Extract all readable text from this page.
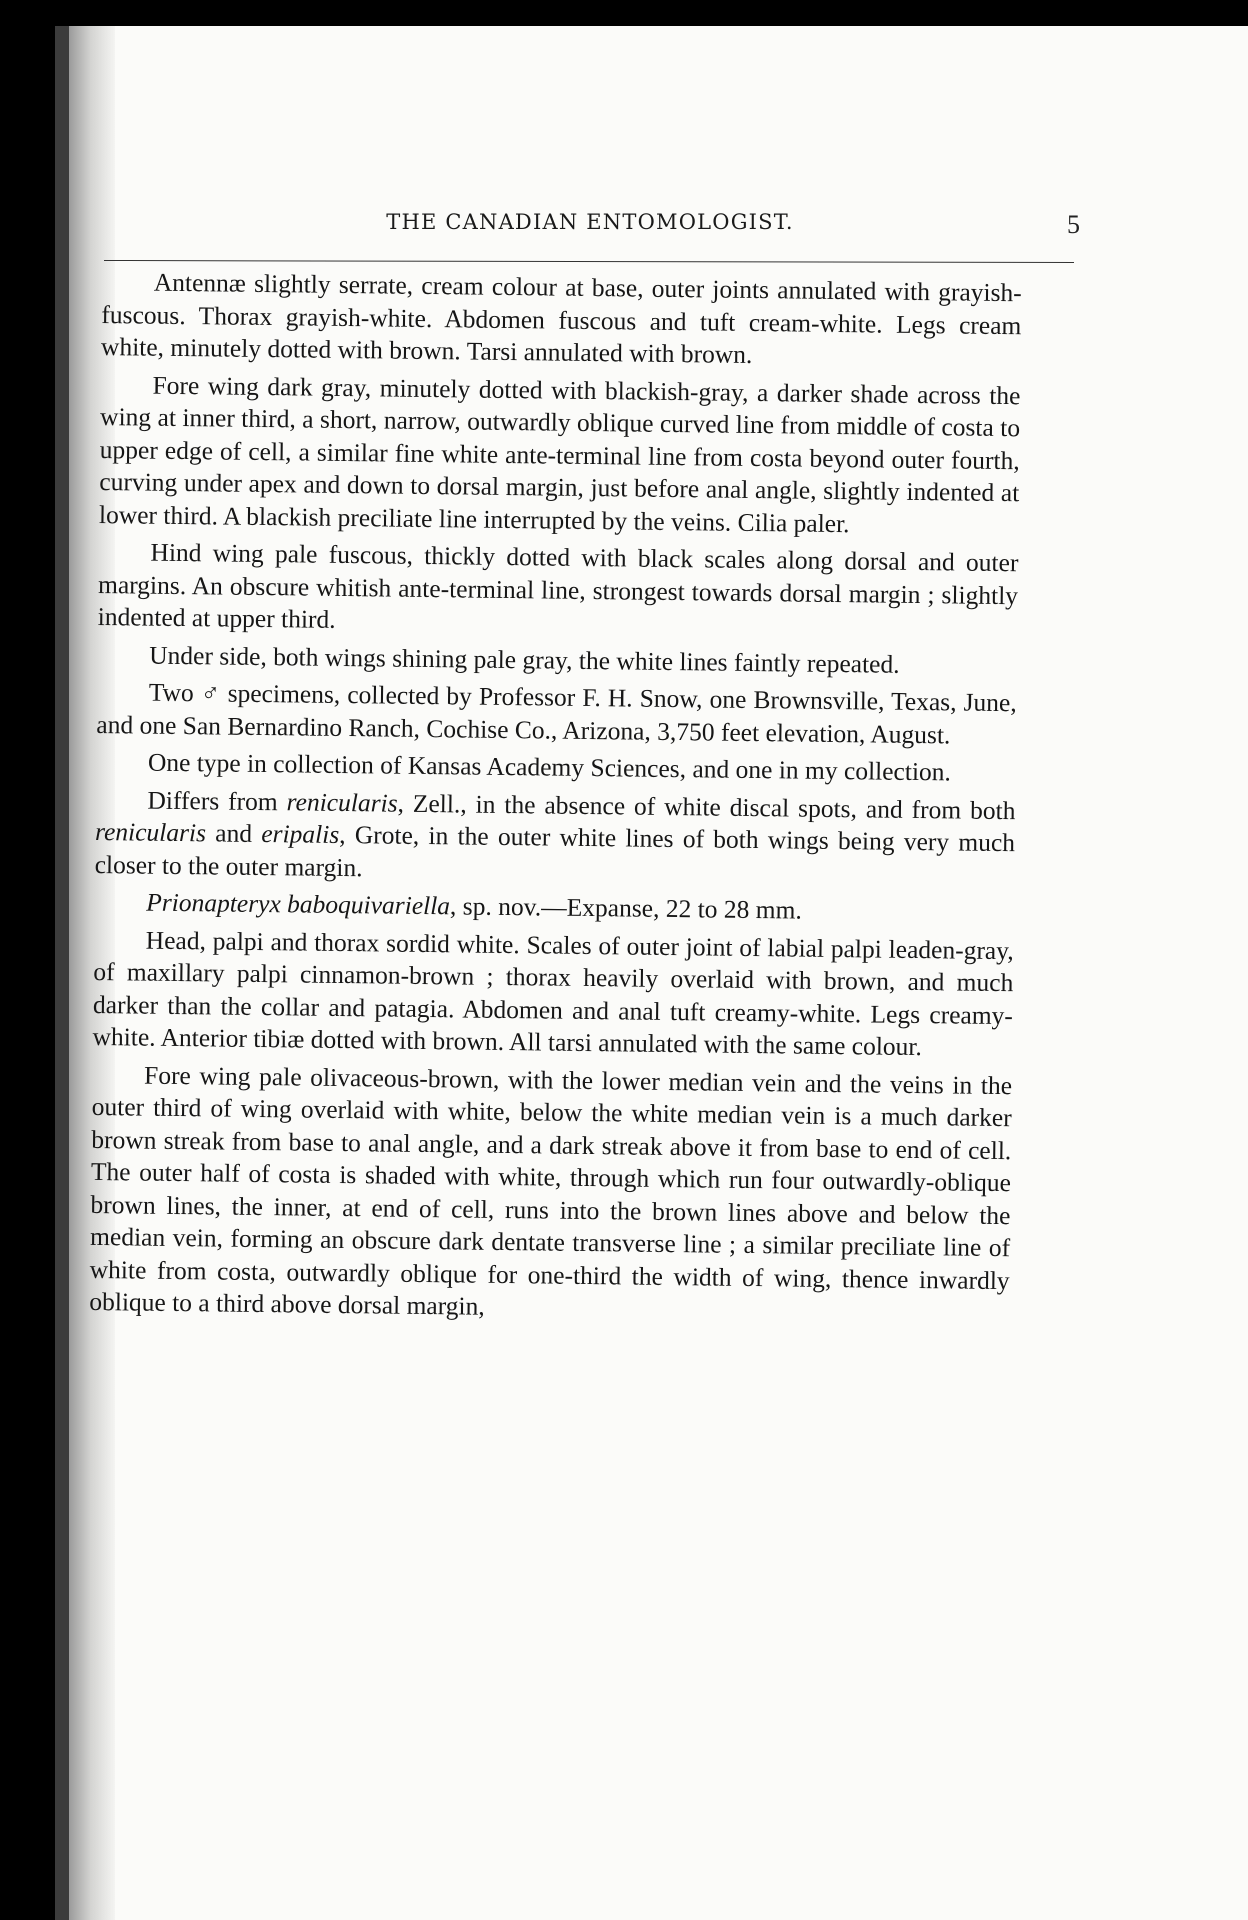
THE CANADIAN ENTOMOLOGIST.	5

Antennæ slightly serrate, cream colour at base, outer joints annulated with grayish-fuscous. Thorax grayish-white. Abdomen fuscous and tuft cream-white. Legs cream white, minutely dotted with brown. Tarsi annulated with brown.

Fore wing dark gray, minutely dotted with blackish-gray, a darker shade across the wing at inner third, a short, narrow, outwardly oblique curved line from middle of costa to upper edge of cell, a similar fine white ante-terminal line from costa beyond outer fourth, curving under apex and down to dorsal margin, just before anal angle, slightly indented at lower third. A blackish preciliate line interrupted by the veins. Cilia paler.

Hind wing pale fuscous, thickly dotted with black scales along dorsal and outer margins. An obscure whitish ante-terminal line, strongest towards dorsal margin ; slightly indented at upper third.

Under side, both wings shining pale gray, the white lines faintly repeated.

Two ♂ specimens, collected by Professor F. H. Snow, one Brownsville, Texas, June, and one San Bernardino Ranch, Cochise Co., Arizona, 3,750 feet elevation, August.

One type in collection of Kansas Academy Sciences, and one in my collection.

Differs from renicularis, Zell., in the absence of white discal spots, and from both renicularis and eripalis, Grote, in the outer white lines of both wings being very much closer to the outer margin.

Prionapteryx baboquivariella, sp. nov.—Expanse, 22 to 28 mm.

Head, palpi and thorax sordid white. Scales of outer joint of labial palpi leaden-gray, of maxillary palpi cinnamon-brown ; thorax heavily overlaid with brown, and much darker than the collar and patagia. Abdomen and anal tuft creamy-white. Legs creamy-white. Anterior tibiæ dotted with brown. All tarsi annulated with the same colour.

Fore wing pale olivaceous-brown, with the lower median vein and the veins in the outer third of wing overlaid with white, below the white median vein is a much darker brown streak from base to anal angle, and a dark streak above it from base to end of cell. The outer half of costa is shaded with white, through which run four outwardly-oblique brown lines, the inner, at end of cell, runs into the brown lines above and below the median vein, forming an obscure dark dentate transverse line ; a similar preciliate line of white from costa, outwardly oblique for one-third the width of wing, thence inwardly oblique to a third above dorsal margin,
